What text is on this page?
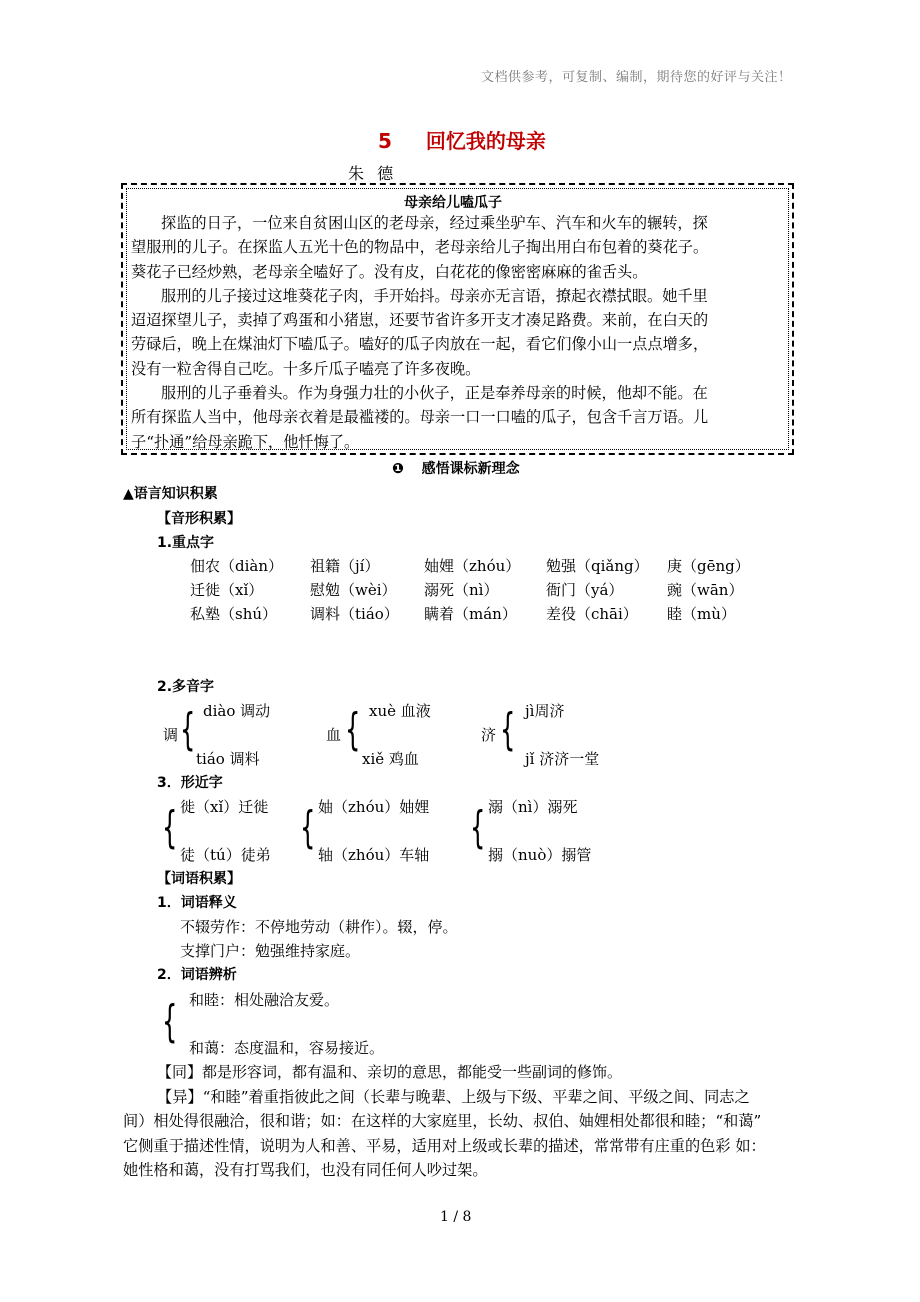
文档供参考，可复制、编制，期待您的好评与关注！
5 回忆我的母亲
朱 德
母亲给儿嗑瓜子
探监的日子，一位来自贫困山区的老母亲，经过乘坐驴车、汽车和火车的辗转，探
望服刑的儿子。在探监人五光十色的物品中，老母亲给儿子掏出用白布包着的葵花子。
葵花子已经炒熟，老母亲全嗑好了。没有皮，白花花的像密密麻麻的雀舌头。
服刑的儿子接过这堆葵花子肉，手开始抖。母亲亦无言语，撩起衣襟拭眼。她千里
迢迢探望儿子，卖掉了鸡蛋和小猪崽，还要节省许多开支才凑足路费。来前，在白天的
劳碌后，晚上在煤油灯下嗑瓜子。嗑好的瓜子肉放在一起，看它们像小山一点点增多，
没有一粒舍得自己吃。十多斤瓜子嗑亮了许多夜晚。
服刑的儿子垂着头。作为身强力壮的小伙子，正是奉养母亲的时候，他却不能。在
所有探监人当中，他母亲衣着是最褴褛的。母亲一口一口嗑的瓜子，包含千言万语。儿
子“扑通”给母亲跪下，他忏悔了。
❶ 感悟课标新理念
▲语言知识积累
【音形积累】
1.重点字
佃农（diàn） 祖籍（jí）	妯娌（zhóu） 勉强（qiǎng） 庚（gēng）
迁徙（xǐ）	慰勉（wèi） 溺死（nì）	衙门（yá）	豌（wān）
私塾（shú） 调料（tiáo） 瞒着（mán） 差役（chāi） 睦（mù）
2.多音字
调 { diào 调动
tiáo 调料
血 { xuè 血液
xiě 鸡血
济 { jì周济
jǐ 济济一堂
3．形近字
{ 徙（xǐ）迁徙
徒（tú）徒弟
{ 妯（zhóu）妯娌
轴（zhóu）车轴
{ 溺（nì）溺死
搦（nuò）搦管
【词语积累】
1．词语释义
不辍劳作：不停地劳动（耕作）。辍，停。
支撑门户：勉强维持家庭。
2．词语辨析
{ 和睦：相处融洽友爱。
和蔼：态度温和，容易接近。
【同】都是形容词，都有温和、亲切的意思，都能受一些副词的修饰。
【异】“和睦”着重指彼此之间（长辈与晚辈、上级与下级、平辈之间、平级之间、同志之
间）相处得很融洽，很和谐；如：在这样的大家庭里，长幼、叔伯、妯娌相处都很和睦；“和蔼”
它侧重于描述性情，说明为人和善、平易，适用对上级或长辈的描述，常常带有庄重的色彩 如：
她性格和蔼，没有打骂我们，也没有同任何人吵过架。
1 / 8
